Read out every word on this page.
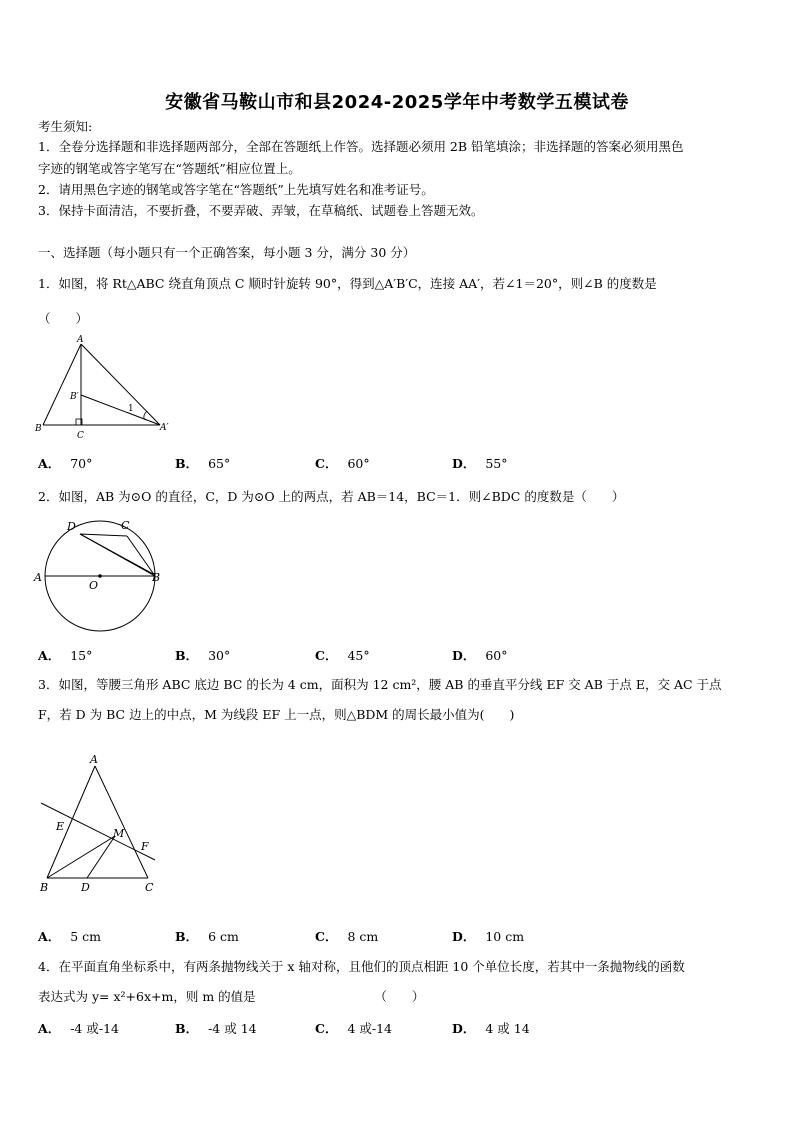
安徽省马鞍山市和县2024-2025学年中考数学五模试卷
考生须知:
1．全卷分选择题和非选择题两部分，全部在答题纸上作答。选择题必须用 2B 铅笔填涂；非选择题的答案必须用黑色
字迹的钢笔或答字笔写在“答题纸”相应位置上。
2．请用黑色字迹的钢笔或答字笔在“答题纸”上先填写姓名和准考证号。
3．保持卡面清洁，不要折叠，不要弄破、弄皱，在草稿纸、试题卷上答题无效。
一、选择题（每小题只有一个正确答案，每小题 3 分，满分 30 分）
1．如图，将 Rt△ABC 绕直角顶点 C 顺时针旋转 90°，得到△A′B′C，连接 AA′，若∠1＝20°，则∠B 的度数是
（　　）
A
B
C
B′
A′
1
A． 70°	B． 65°	C． 60°	D． 55°
2．如图，AB 为⊙O 的直径，C，D 为⊙O 上的两点，若 AB＝14，BC＝1．则∠BDC 的度数是（　　）
D	C
A	B
O
A． 15°	B． 30°	C． 45°	D． 60°
3．如图，等腰三角形 ABC 底边 BC 的长为 4 cm，面积为 12 cm²，腰 AB 的垂直平分线 EF 交 AB 于点 E，交 AC 于点
F，若 D 为 BC 边上的中点，M 为线段 EF 上一点，则△BDM 的周长最小值为(　　)
A
E
M
F
B	D	C
A． 5 cm	B． 6 cm	C． 8 cm	D． 10 cm
4．在平面直角坐标系中，有两条抛物线关于 x 轴对称，且他们的顶点相距 10 个单位长度，若其中一条抛物线的函数
表达式为 y= x²+6x+m，则 m 的值是　　　　　　　　　　（　　）
A． -4 或-14	B． -4 或 14	C． 4 或-14	D． 4 或 14
